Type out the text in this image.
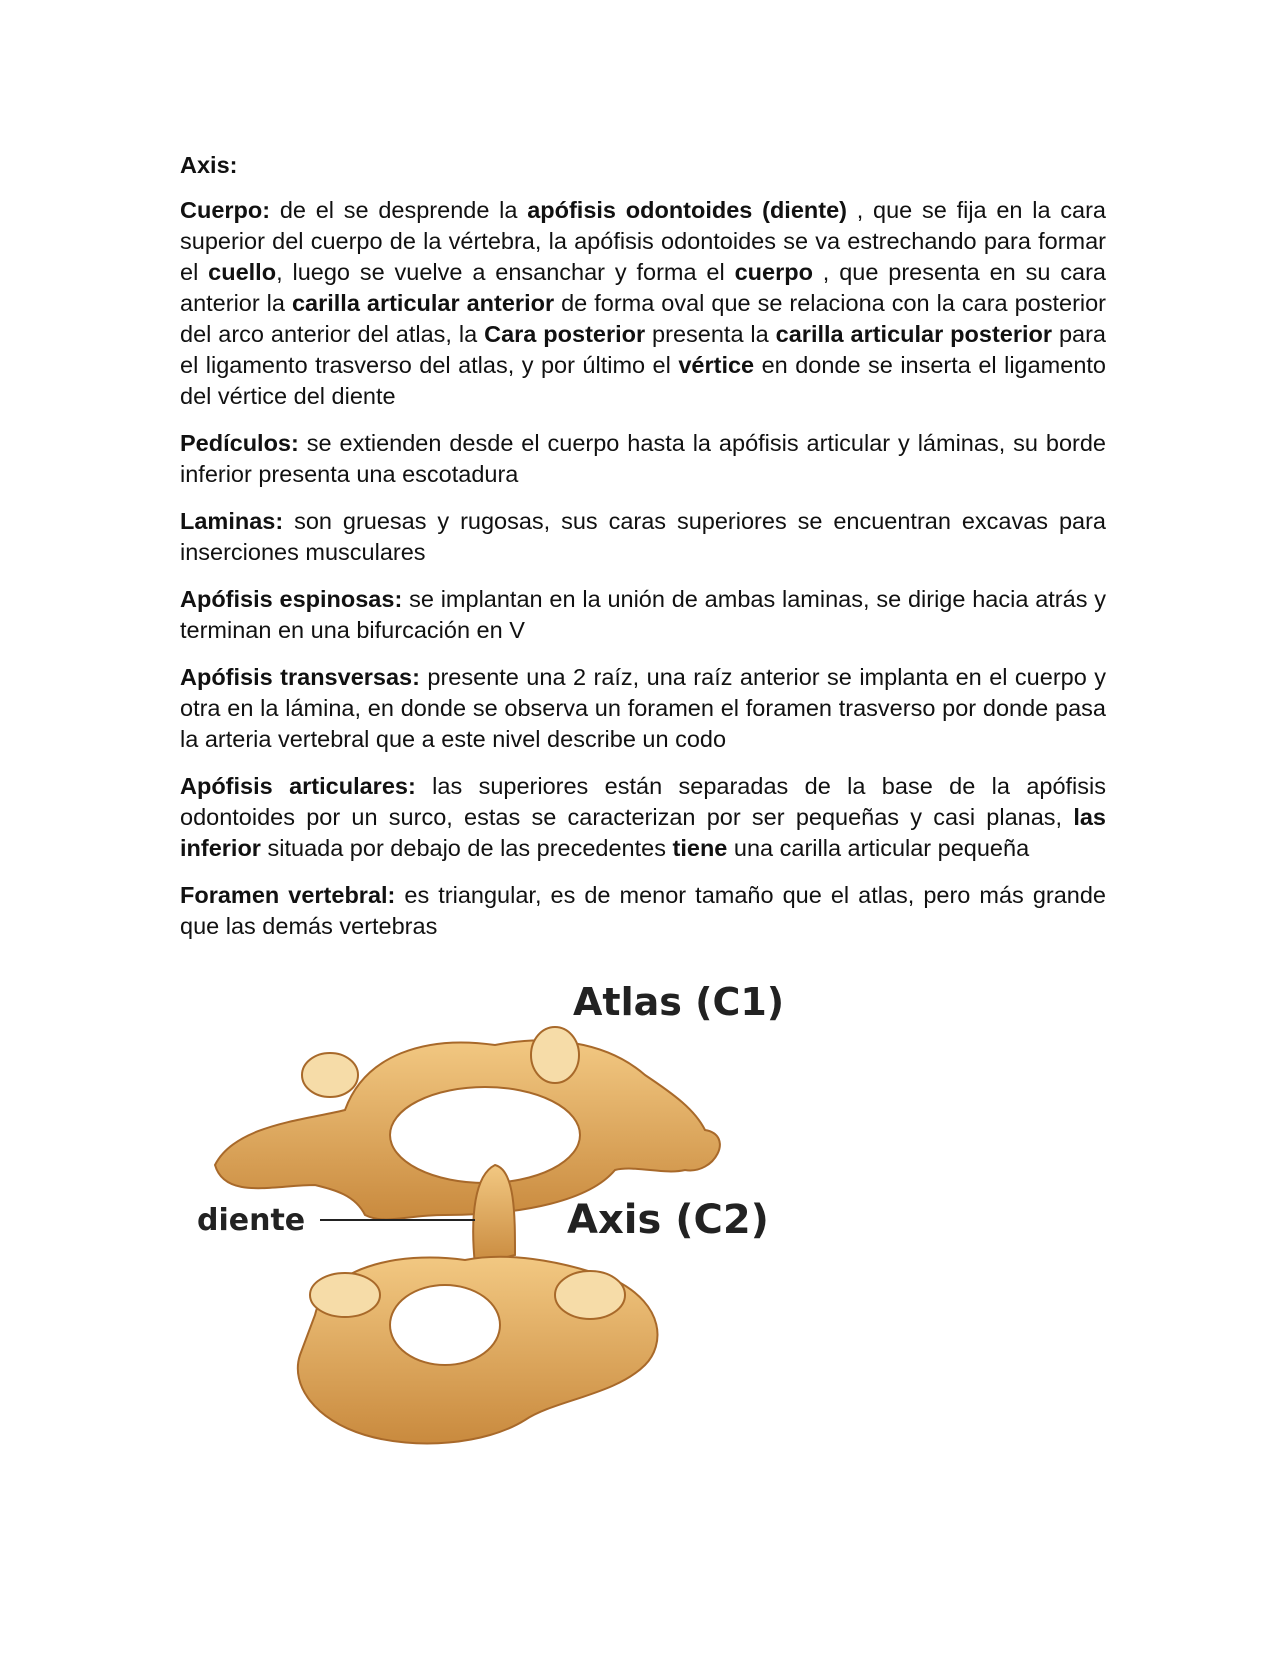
Axis:

Cuerpo: de el se desprende la apófisis odontoides (diente) , que se fija en la cara superior del cuerpo de la vértebra, la apófisis odontoides se va estrechando para formar el cuello, luego se vuelve a ensanchar y forma el cuerpo , que presenta en su cara anterior la carilla articular anterior de forma oval que se relaciona con la cara posterior del arco anterior del atlas, la Cara posterior presenta la carilla articular posterior para el ligamento trasverso del atlas, y por último el vértice en donde se inserta el ligamento del vértice del diente

Pedículos: se extienden desde el cuerpo hasta la apófisis articular y láminas, su borde inferior presenta una escotadura

Laminas: son gruesas y rugosas, sus caras superiores se encuentran excavas para inserciones musculares

Apófisis espinosas: se implantan en la unión de ambas laminas, se dirige hacia atrás y terminan en una bifurcación en V

Apófisis transversas: presente una 2 raíz, una raíz anterior se implanta en el cuerpo y otra en la lámina, en donde se observa un foramen el foramen trasverso por donde pasa la arteria vertebral que a este nivel describe un codo

Apófisis articulares: las superiores están separadas de la base de la apófisis odontoides por un surco, estas se caracterizan por ser pequeñas y casi planas, las inferior situada por debajo de las precedentes tiene una carilla articular pequeña

Foramen vertebral: es triangular, es de menor tamaño que el atlas, pero más grande que las demás vertebras

Atlas (C1)
diente	Axis (C2)
